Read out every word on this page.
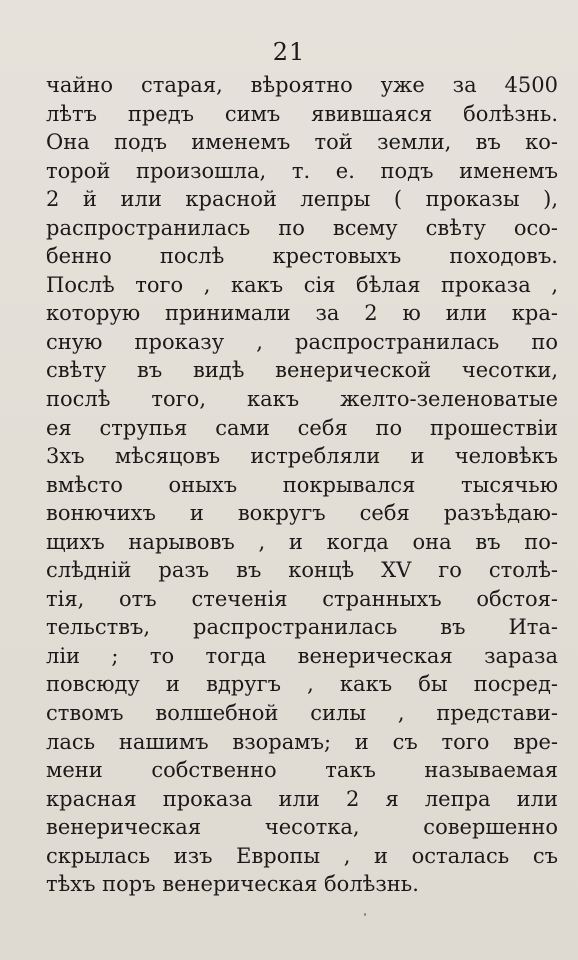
21
чайно старая, вѣроятно уже за 4500
лѣтъ предъ симъ явившаяся болѣзнь.
Она подъ именемъ той земли, въ ко-
торой произошла, т. е. подъ именемъ
2 й или красной лепры ( проказы ),
распространилась по всему свѣту осо-
бенно послѣ крестовыхъ походовъ.
Послѣ того , какъ сія бѣлая проказа ,
которую принимали за 2 ю или кра-
сную проказу , распространилась по
свѣту въ видѣ венерической чесотки,
послѣ того, какъ желто-зеленоватые
ея струпья сами себя по прошествіи
3хъ мѣсяцовъ истребляли и человѣкъ
вмѣсто оныхъ покрывался тысячью
вонючихъ и вокругъ себя разъѣдаю-
щихъ нарывовъ , и когда она въ по-
слѣдній разъ въ концѣ XV го столѣ-
тія, отъ стеченія странныхъ обстоя-
тельствъ, распространилась въ Ита-
ліи ; то тогда венерическая зараза
повсюду и вдругъ , какъ бы посред-
ствомъ волшебной силы , представи-
лась нашимъ взорамъ; и съ того вре-
мени собственно такъ называемая
красная проказа или 2 я лепра или
венерическая чесотка, совершенно
скрылась изъ Европы , и осталась съ
тѣхъ поръ венерическая болѣзнь.
